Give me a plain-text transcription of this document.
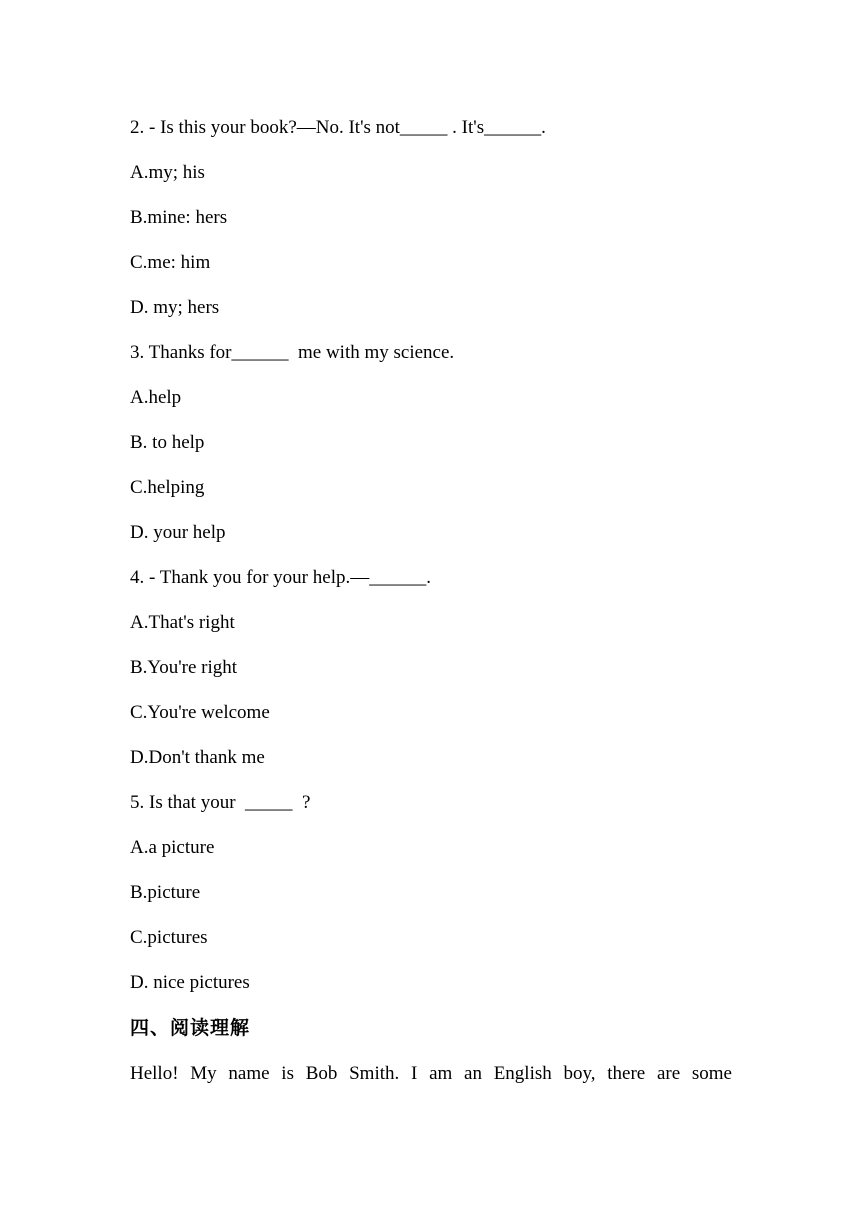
2. - Is this your book?—No. It's not_____ . It's______.
A.my; his
B.mine: hers
C.me: him
D. my; hers
3. Thanks for______  me with my science.
A.help
B. to help
C.helping
D. your help
4. - Thank you for your help.—______.
A.That's right
B.You're right
C.You're welcome
D.Don't thank me
5. Is that your  _____  ?
A.a picture
B.picture
C.pictures
D. nice pictures
四、阅读理解
Hello! My name is Bob Smith. I am an English boy, there are some
